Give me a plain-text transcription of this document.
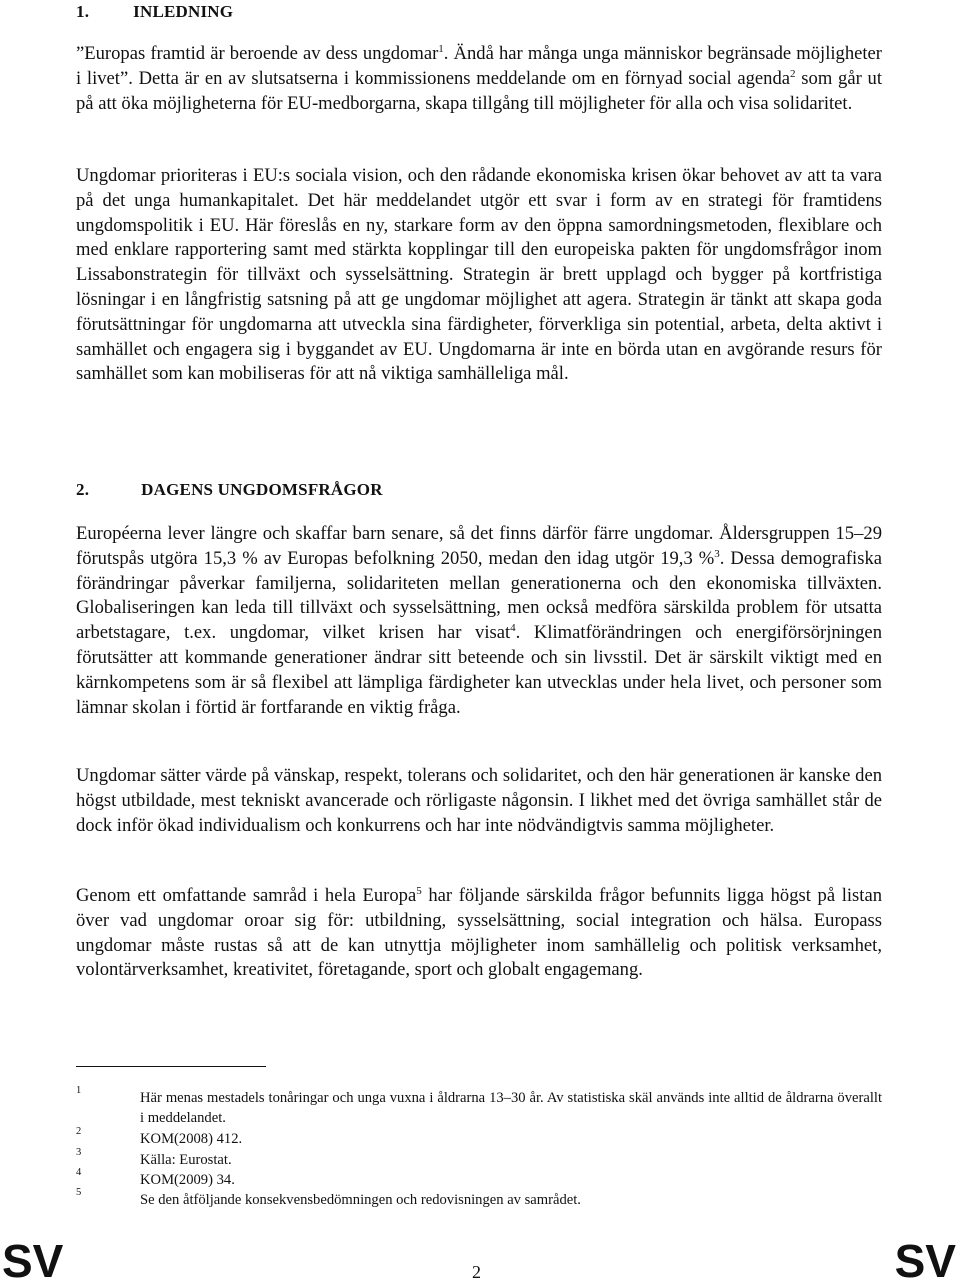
1.	INLEDNING

”Europas framtid är beroende av dess ungdomar$^1$. Ändå har många unga människor begränsade möjligheter i livet”. Detta är en av slutsatserna i kommissionens meddelande om en förnyad social agenda$^2$ som går ut på att öka möjligheterna för EU-medborgarna, skapa tillgång till möjligheter för alla och visa solidaritet.

Ungdomar prioriteras i EU:s sociala vision, och den rådande ekonomiska krisen ökar behovet av att ta vara på det unga humankapitalet. Det här meddelandet utgör ett svar i form av en strategi för framtidens ungdomspolitik i EU. Här föreslås en ny, starkare form av den öppna samordningsmetoden, flexiblare och med enklare rapportering samt med stärkta kopplingar till den europeiska pakten för ungdomsfrågor inom Lissabonstrategin för tillväxt och sysselsättning. Strategin är brett upplagd och bygger på kortfristiga lösningar i en långfristig satsning på att ge ungdomar möjlighet att agera. Strategin är tänkt att skapa goda förutsättningar för ungdomarna att utveckla sina färdigheter, förverkliga sin potential, arbeta, delta aktivt i samhället och engagera sig i byggandet av EU. Ungdomarna är inte en börda utan en avgörande resurs för samhället som kan mobiliseras för att nå viktiga samhälleliga mål.

2.	DAGENS UNGDOMSFRÅGOR

Européerna lever längre och skaffar barn senare, så det finns därför färre ungdomar. Åldersgruppen 15–29 förutspås utgöra 15,3 % av Europas befolkning 2050, medan den idag utgör 19,3 %$^3$. Dessa demografiska förändringar påverkar familjerna, solidariteten mellan generationerna och den ekonomiska tillväxten. Globaliseringen kan leda till tillväxt och sysselsättning, men också medföra särskilda problem för utsatta arbetstagare, t.ex. ungdomar, vilket krisen har visat$^4$. Klimatförändringen och energiförsörjningen förutsätter att kommande generationer ändrar sitt beteende och sin livsstil. Det är särskilt viktigt med en kärnkompetens som är så flexibel att lämpliga färdigheter kan utvecklas under hela livet, och personer som lämnar skolan i förtid är fortfarande en viktig fråga.

Ungdomar sätter värde på vänskap, respekt, tolerans och solidaritet, och den här generationen är kanske den högst utbildade, mest tekniskt avancerade och rörligaste någonsin. I likhet med det övriga samhället står de dock inför ökad individualism och konkurrens och har inte nödvändigtvis samma möjligheter.

Genom ett omfattande samråd i hela Europa$^5$ har följande särskilda frågor befunnits ligga högst på listan över vad ungdomar oroar sig för: utbildning, sysselsättning, social integration och hälsa. Europass ungdomar måste rustas så att de kan utnyttja möjligheter inom samhällelig och politisk verksamhet, volontärverksamhet, kreativitet, företagande, sport och globalt engagemang.

1	Här menas mestadels tonåringar och unga vuxna i åldrarna 13–30 år. Av statistiska skäl används inte alltid de åldrarna överallt i meddelandet.
2	KOM(2008) 412.
3	Källa: Eurostat.
4	KOM(2009) 34.
5	Se den åtföljande konsekvensbedömningen och redovisningen av samrådet.
SV	SV
2
